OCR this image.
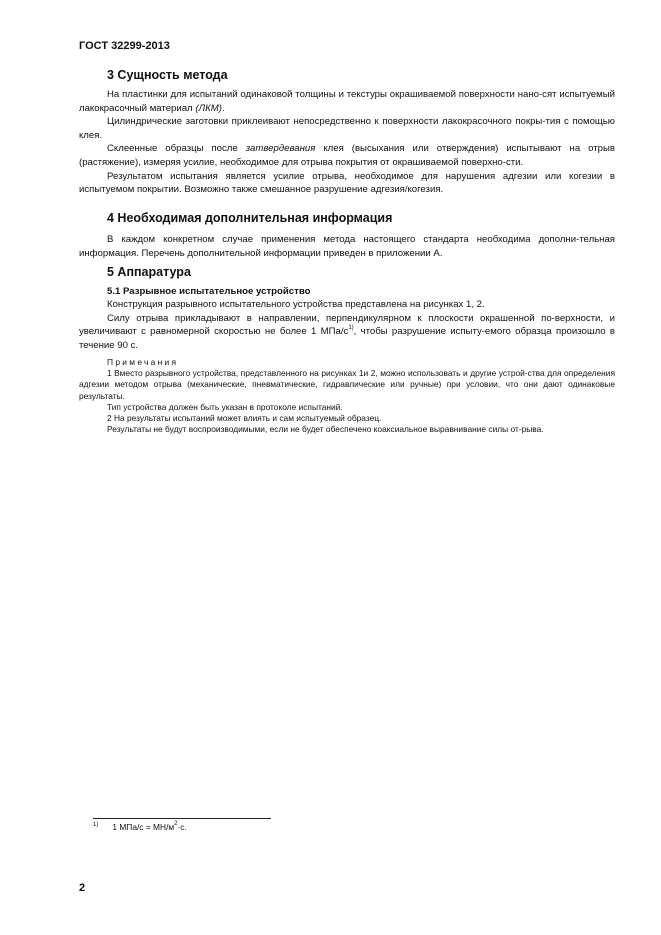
ГОСТ 32299-2013
3 Сущность метода

На пластинки для испытаний одинаковой толщины и текстуры окрашиваемой поверхности нано-сят испытуемый лакокрасочный материал (ЛКМ).

Цилиндрические заготовки приклеивают непосредственно к поверхности лакокрасочного покры-тия с помощью клея.

Склеенные образцы после затвердевания клея (высыхания или отверждения) испытывают на отрыв (растяжение), измеряя усилие, необходимое для отрыва покрытия от окрашиваемой поверхно-сти.

Результатом испытания является усилие отрыва, необходимое для нарушения адгезии или когезии в испытуемом покрытии. Возможно также смешанное разрушение адгезия/когезия.

4 Необходимая дополнительная информация

В каждом конкретном случае применения метода настоящего стандарта необходима дополни-тельная информация. Перечень дополнительной информации приведен в приложении А.

5 Аппаратура
5.1 Разрывное испытательное устройство

Конструкция разрывного испытательного устройства представлена на рисунках 1, 2.

Силу отрыва прикладывают в направлении, перпендикулярном к плоскости окрашенной по-верхности, и увеличивают с равномерной скоростью не более 1 МПа/$с^{1)}$, чтобы разрушение испыту-емого образца произошло в течение 90 с.

Примечания

1 Вместо разрывного устройства, представленного на рисунках 1и 2, можно использовать и другие устрой-ства для определения адгезии методом отрыва (механические, пневматические, гидравлические или ручные) при условии, что они дают одинаковые результаты.

Тип устройства должен быть указан в протоколе испытаний.

2 На результаты испытаний может влиять и сам испытуемый образец.

Результаты не будут воспроизводимыми, если не будет обеспечено коаксиальное выравнивание силы от-рыва.

$^{1)}$ 1 $МПа/с = МН/м^2\cdot с$.
2
